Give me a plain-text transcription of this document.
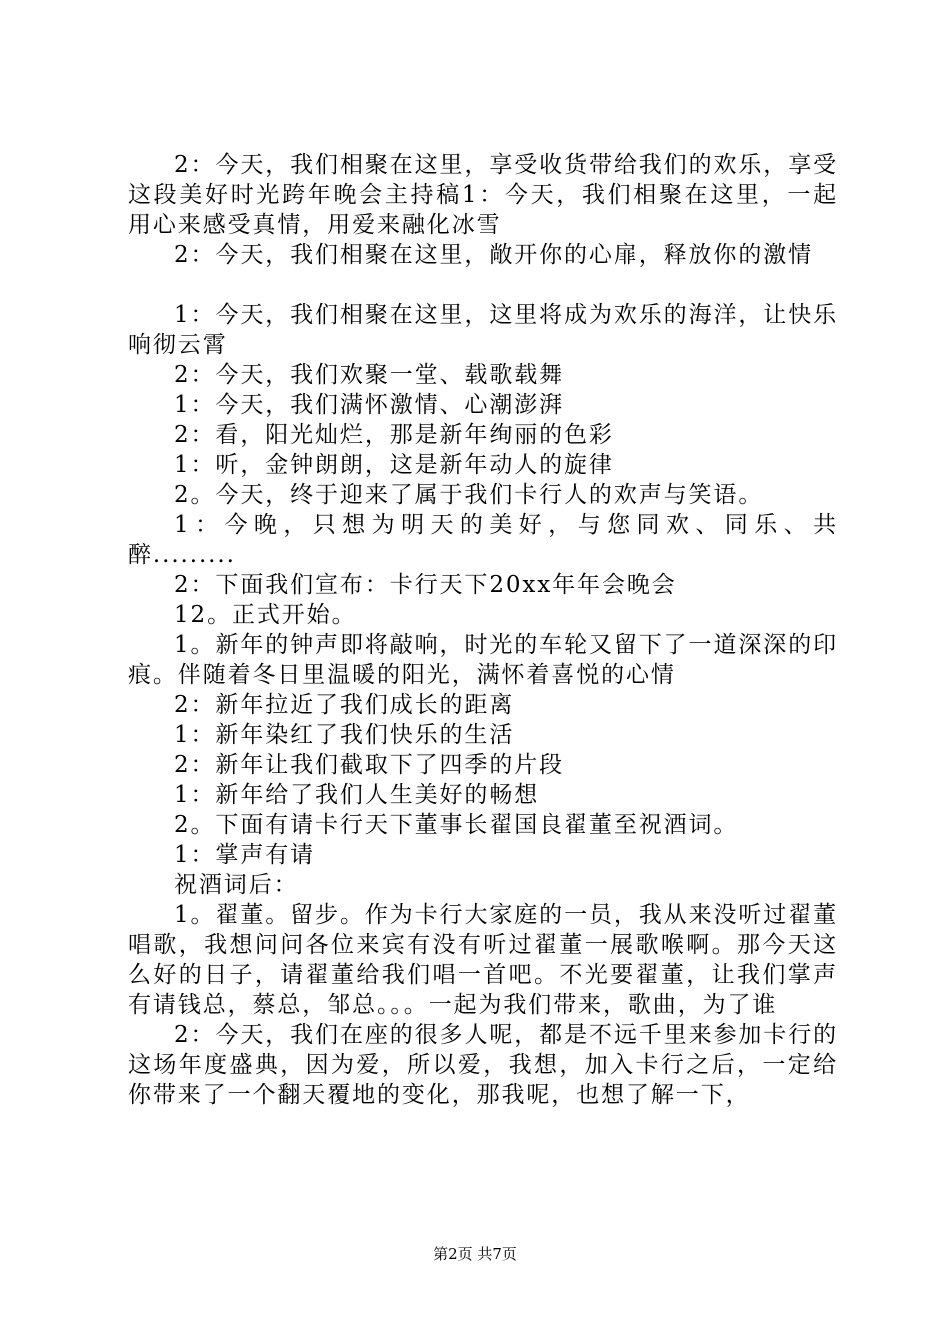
2：今天，我们相聚在这里，享受收货带给我们的欢乐，享受这段美好时光跨年晚会主持稿1：今天，我们相聚在这里，一起用心来感受真情，用爱来融化冰雪

2：今天，我们相聚在这里，敞开你的心扉，释放你的激情

1：今天，我们相聚在这里，这里将成为欢乐的海洋，让快乐响彻云霄

2：今天，我们欢聚一堂、载歌载舞

1：今天，我们满怀激情、心潮澎湃

2：看，阳光灿烂，那是新年绚丽的色彩

1：听，金钟朗朗，这是新年动人的旋律

2。今天，终于迎来了属于我们卡行人的欢声与笑语。

1：今晚，只想为明天的美好，与您同欢、同乐、共醉.........

2：下面我们宣布：卡行天下20xx年年会晚会

12。正式开始。

1。新年的钟声即将敲响，时光的车轮又留下了一道深深的印痕。伴随着冬日里温暖的阳光，满怀着喜悦的心情

2：新年拉近了我们成长的距离

1：新年染红了我们快乐的生活

2：新年让我们截取下了四季的片段

1：新年给了我们人生美好的畅想

2。下面有请卡行天下董事长翟国良翟董至祝酒词。

1：掌声有请

祝酒词后：

1。翟董。留步。作为卡行大家庭的一员，我从来没听过翟董唱歌，我想问问各位来宾有没有听过翟董一展歌喉啊。那今天这么好的日子，请翟董给我们唱一首吧。不光要翟董，让我们掌声有请钱总，蔡总，邹总。。。一起为我们带来，歌曲，为了谁

2：今天，我们在座的很多人呢，都是不远千里来参加卡行的这场年度盛典，因为爱，所以爱，我想，加入卡行之后，一定给你带来了一个翻天覆地的变化，那我呢，也想了解一下，

第2页 共7页
